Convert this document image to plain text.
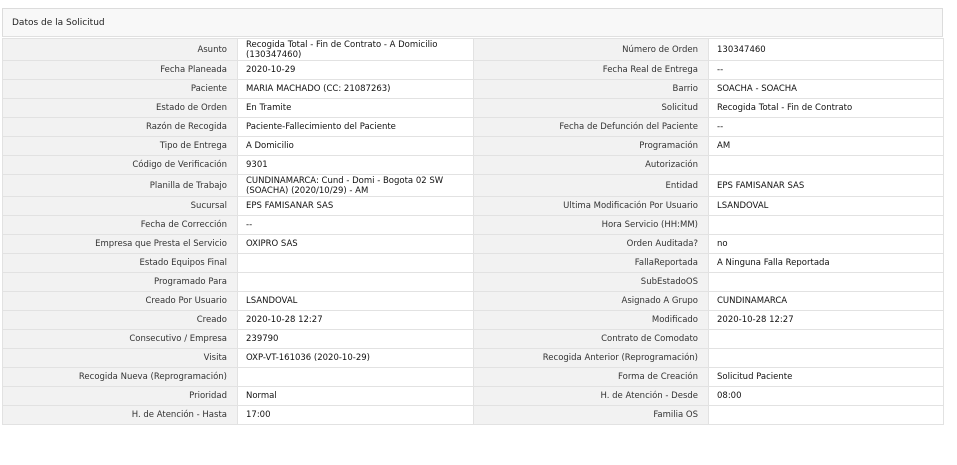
Datos de la Solicitud
Asunto	Recogida Total - Fin de Contrato - A Domicilio (130347460)	Número de Orden	130347460
Fecha Planeada	2020-10-29	Fecha Real de Entrega	--
Paciente	MARIA MACHADO (CC: 21087263)	Barrio	SOACHA - SOACHA
Estado de Orden	En Tramite	Solicitud	Recogida Total - Fin de Contrato
Razón de Recogida	Paciente-Fallecimiento del Paciente	Fecha de Defunción del Paciente	--
Tipo de Entrega	A Domicilio	Programación	AM
Código de Verificación	9301	Autorización	
Planilla de Trabajo	CUNDINAMARCA: Cund - Domi - Bogota 02 SW (SOACHA) (2020/10/29) - AM	Entidad	EPS FAMISANAR SAS
Sucursal	EPS FAMISANAR SAS	Ultima Modificación Por Usuario	LSANDOVAL
Fecha de Corrección	--	Hora Servicio (HH:MM)	
Empresa que Presta el Servicio	OXIPRO SAS	Orden Auditada?	no
Estado Equipos Final		FallaReportada	A Ninguna Falla Reportada
Programado Para		SubEstadoOS	
Creado Por Usuario	LSANDOVAL	Asignado A Grupo	CUNDINAMARCA
Creado	2020-10-28 12:27	Modificado	2020-10-28 12:27
Consecutivo / Empresa	239790	Contrato de Comodato	
Visita	OXP-VT-161036 (2020-10-29)	Recogida Anterior (Reprogramación)	
Recogida Nueva (Reprogramación)		Forma de Creación	Solicitud Paciente
Prioridad	Normal	H. de Atención - Desde	08:00
H. de Atención - Hasta	17:00	Familia OS	
